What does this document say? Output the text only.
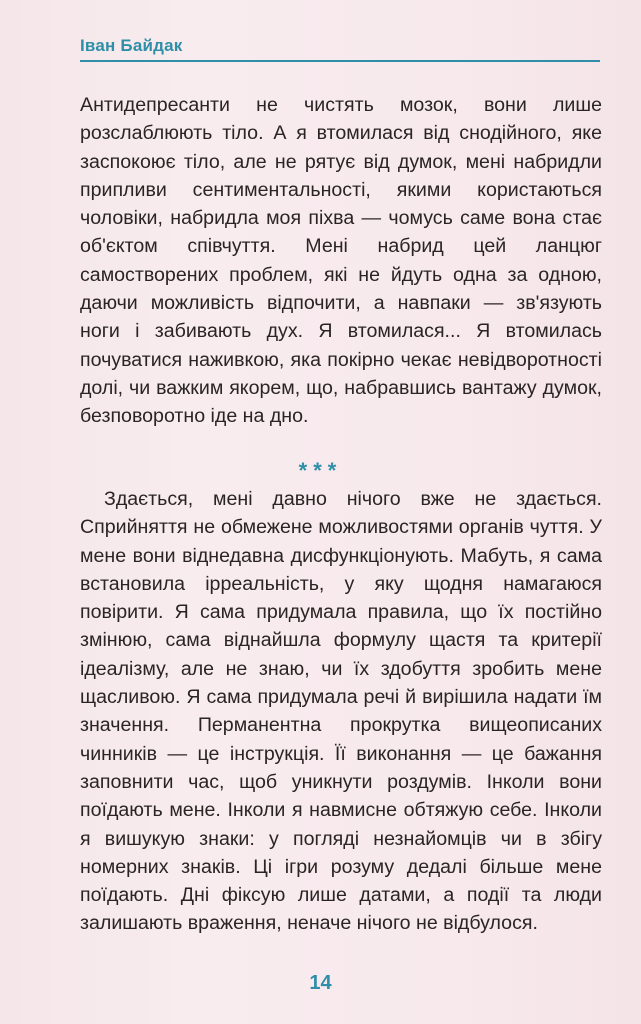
Іван Байдак

Антидепресанти не чистять мозок, вони лише розслаблюють тіло. А я втомилася від снодійного, яке заспокоює тіло, але не рятує від думок, мені набридли припливи сентиментальності, якими користаються чоловіки, набридла моя піхва — чомусь саме вона стає об'єктом співчуття. Мені набрид цей ланцюг самостворених проблем, які не йдуть одна за одною, даючи можливість відпочити, а навпаки — зв'язують ноги і забивають дух. Я втомилася... Я втомилась почуватися наживкою, яка покірно чекає невідворотності долі, чи важким якорем, що, набравшись вантажу думок, безповоротно іде на дно.

***

Здається, мені давно нічого вже не здається. Сприйняття не обмежене можливостями органів чуття. У мене вони віднедавна дисфункціонують. Мабуть, я сама встановила ірреальність, у яку щодня намагаюся повірити. Я сама придумала правила, що їх постійно змінюю, сама віднайшла формулу щастя та критерії ідеалізму, але не знаю, чи їх здобуття зробить мене щасливою. Я сама придумала речі й вирішила надати їм значення. Перманентна прокрутка вищеописаних чинників — це інструкція. Її виконання — це бажання заповнити час, щоб уникнути роздумів. Інколи вони поїдають мене. Інколи я навмисне обтяжую себе. Інколи я вишукую знаки: у погляді незнайомців чи в збігу номерних знаків. Ці ігри розуму дедалі більше мене поїдають. Дні фіксую лише датами, а події та люди залишають враження, неначе нічого не відбулося.

14
